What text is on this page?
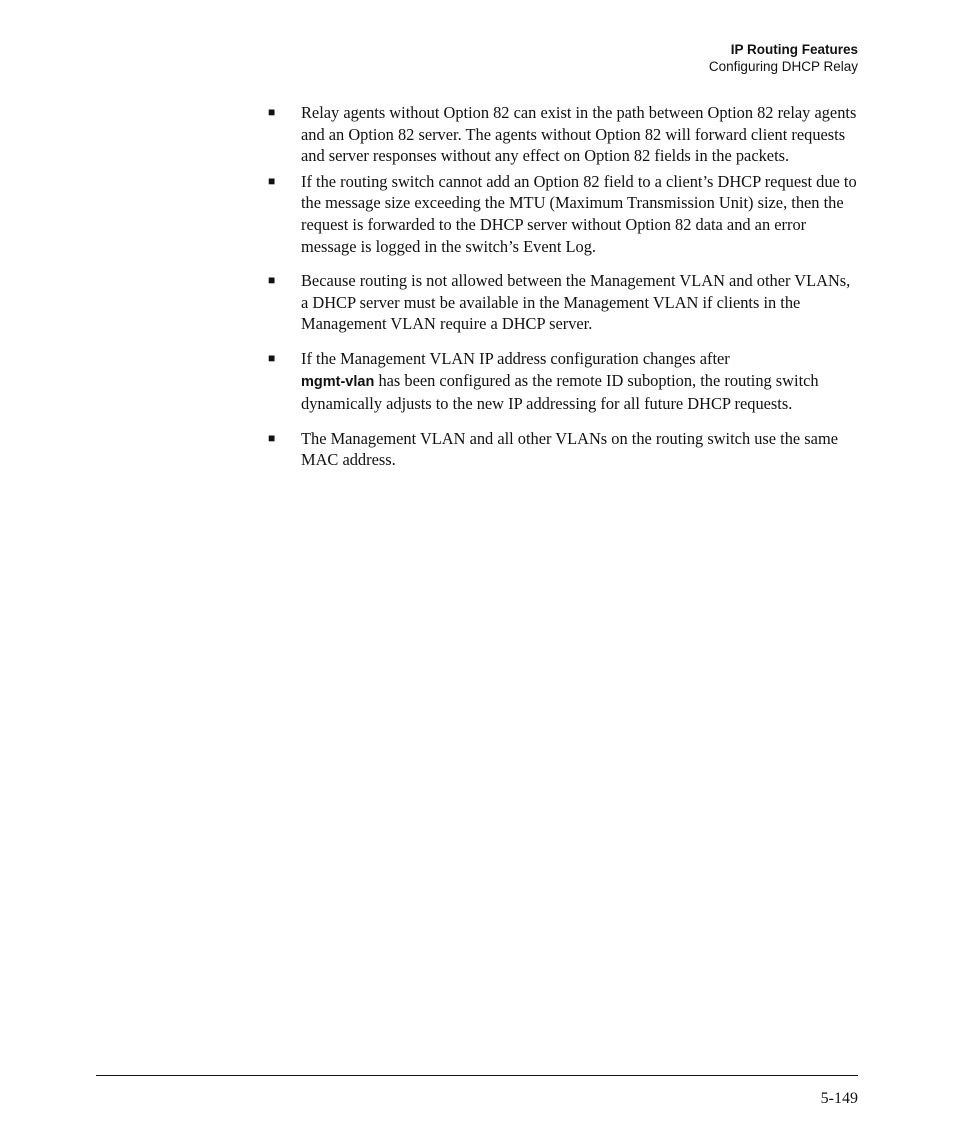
IP Routing Features
Configuring DHCP Relay
■ Relay agents without Option 82 can exist in the path between Option 82 relay agents and an Option 82 server. The agents without Option 82 will forward client requests and server responses without any effect on Option 82 fields in the packets.
■ If the routing switch cannot add an Option 82 field to a client’s DHCP request due to the message size exceeding the MTU (Maximum Transmission Unit) size, then the request is forwarded to the DHCP server without Option 82 data and an error message is logged in the switch’s Event Log.
■ Because routing is not allowed between the Management VLAN and other VLANs, a DHCP server must be available in the Management VLAN if clients in the Management VLAN require a DHCP server.
■ If the Management VLAN IP address configuration changes after
mgmt-vlan has been configured as the remote ID suboption, the routing switch dynamically adjusts to the new IP addressing for all future DHCP requests.
■ The Management VLAN and all other VLANs on the routing switch use the same MAC address.
5-149
